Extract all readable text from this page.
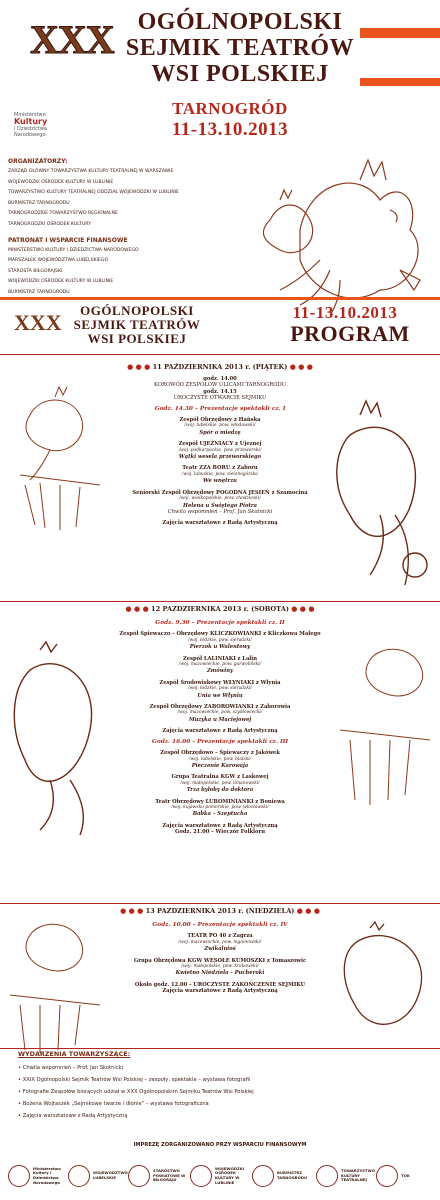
XXX OGÓLNOPOLSKI
SEJMIK TEATRÓW
WSI POLSKIEJ
TARNOGRÓD
11-13.10.2013
Ministerstwo
Kultury
i Dziedzictwa
Narodowego.
ORGANIZATORZY:
ZARZĄD GŁÓWNY TOWARZYSTWA KULTURY TEATRALNEJ W WARSZAWIE
WOJEWÓDZKI OŚRODEK KULTURY W LUBLINIE
TOWARZYSTWO KULTURY TEATRALNEJ ODDZIAŁ WOJEWÓDZKI W LUBLINIE
BURMISTRZ TARNOGRODU
TARNOGRODZKIE TOWARZYSTWO REGIONALNE
TARNOGRODZKI OŚRODEK KULTURY
PATRONAT I WSPARCIE FINANSOWE
MINISTERSTWO KULTURY I DZIEDZICTWA NARODOWEGO
MARSZAŁEK WOJEWÓDZTWA LUBELSKIEGO
STAROSTA BIŁGORAJSKI
WOJEWÓDZKI OŚRODEK KULTURY W LUBLINIE
BURMISTRZ TARNOGRODU
XXX	OGÓLNOPOLSKI
SEJMIK TEATRÓW
WSI POLSKIEJ
11-13.10.2013
PROGRAM
● ● ● 11 PAŹDZIERNIKA 2013 r. (PIĄTEK) ● ● ●
godz. 14.00
KOROWÓD ZESPOŁÓW ULICAMI TARNOGRODU
godz. 14.15
UROCZYSTE OTWARCIE SEJMIKU
Godz. 14.30 – Prezentacje spektakli cz. I
Zespół Obrzędowy z Hańska
/woj. lubelskie, pow. włodawski/
Spór o miedzę
Zespół UJEŹNIACY z Ujeznej
/woj. podkarpackie, pow. przeworski/
Wątki wesela przeworskiego
Teatr ZZA BORU z Zaboru
/woj. lubuskie, pow. zielonogórski/
We wnętrzu
Seniorski Zespół Obrzędowy POGODNA JESIEŃ z Szamocina
/woj. wielkopolskie, pow. chodzieski/
Helena u Świętego Piotra
Chwila wspomnień – Prof. Jan Skotnicki
Zajęcia warsztatowe z Radą Artystyczną
● ● ● 12 PAZDZIERNIKA 2013 r. (SOBOTA) ● ● ●
Godz. 9.30 – Prezentacje spektakli cz. II
Zespół Śpiewaczo – Obrzędowy KLICZKOWIANKI z Kliczkowa Małego
/woj. łódzkie, pow. sieradzki/
Pierzok u Walentowy
Zespół LALINIAKI z Lalin
/woj. mazowieckie, pow. garwoliński/
Zmówiny
Zespół Środowiskowy WŁYNIAKI z Włynia
/woj. łódzkie, pow. sieradzki/
Unia we Włyniu
Zespół Obrzędowy ZABOROWIANKI z Zaborowia
/woj. mazowieckie, pow. szydłowiecki/
Muzyka u Maciejowej
Zajęcia warsztatowe z Radą Artystyczną
Godz. 16.00 – Prezentacje spektakli cz. III
Zespół Obrzędowo – Śpiewaczy z Jakówek
/woj. lubelskie, pow. bialski/
Pieczenie Karowaja
Grupa Teatralna KGW z Laskowej
/woj. małopolskie, pow. limanowski/
Trza byłoby do doktora
Teatr Obrzędowy LUBOMINIANKI z Boniewa
/woj. kujawsko-pomorskie, pow. włocławski/
Babka – Szeptucha
Zajęcia warsztatowe z Radą Artystyczną
Godz. 21.00 – Wieczór Folkloru
● ● ● 13 PAZDZIERNIKA 2013 r. (NIEDZIELA) ● ● ●
Godz. 10.00 – Prezentacje spektakli cz. IV
TEATR PO 40 z Zagrza
/woj. mazowieckie, pow. legionowski/
Zwikalnioś
Grupa Obrzędowa KGW WESOŁE KUMOSZKI z Tomaszowic
/woj. małopolskie, pow. krakowski/
Kwietno Niedziela – Pucheroki
Około godz. 12.00 – UROCZYSTE ZAKOŃCZENIE SEJMIKU
Zajęcia warsztatowe z Radą Artystyczną
WYDARZENIA TOWARZYSZĄCE:
• Chwila wspomnień – Prof. Jan Skotnicki
• XXIX Ogólnopolski Sejmik Teatrów Wsi Polskiej – zespoły, spektakle – wystawa fotografii
• Fotografie Zespołów biorących udział w XXX Ogólnopolskim Sejmiku Teatrów Wsi Polskiej
• Bożena Wojtaszek „Sejmikowe twarze i dłonie” – wystawa fotograficzna
• Zajęcia warsztatowe z Radą Artystyczną
IMPREZĘ ZORGANIZOWANO PRZY WSPARCIU FINANSOWYM
Ministerstwo Kultury i Dziedzictwa Narodowego
WOJEWÓDZTWO LUBELSKIE
STAROSTWO POWIATOWE W BIŁGORAJU
WOJEWÓDZKI OŚRODEK KULTURY W LUBLINIE
BURMISTRZ TARNOGRODU
TOWARZYSTWO KULTURY TEATRALNEJ
TOK
